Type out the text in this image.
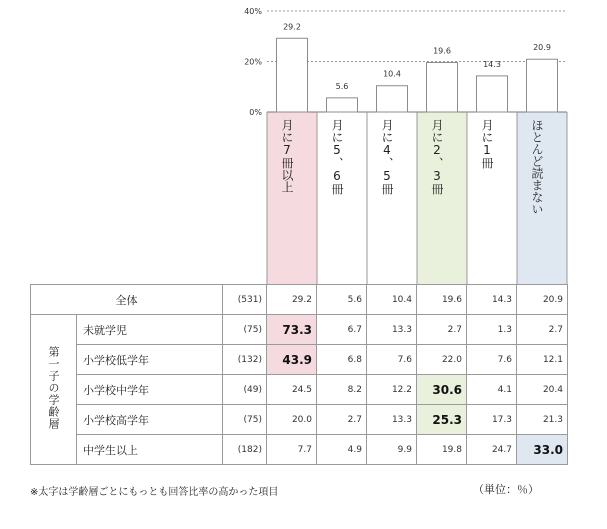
40%
20%
0%
29.2
5.6
10.4
19.6
14.3
20.9
月に7冊以上	月に5、6冊	月に4、5冊	月に2、3冊	月に1冊	ほとんど読まない
全体		(531)	29.2	5.6	10.4	19.6	14.3	20.9
第一子の学齢層	未就学児	(75)	73.3	6.7	13.3	2.7	1.3	2.7
	小学校低学年	(132)	43.9	6.8	7.6	22.0	7.6	12.1
	小学校中学年	(49)	24.5	8.2	12.2	30.6	4.1	20.4
	小学校高学年	(75)	20.0	2.7	13.3	25.3	17.3	21.3
	中学生以上	(182)	7.7	4.9	9.9	19.8	24.7	33.0
※太字は学齢層ごとにもっとも回答比率の高かった項目	（単位：％）
